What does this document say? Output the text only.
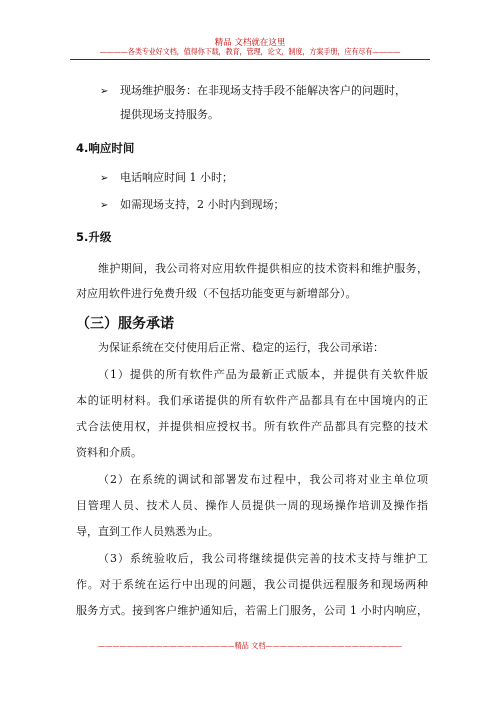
精品 文档就在这里
————各类专业好文档，值得你下载，教育，管理，论文，制度，方案手册，应有尽有————
➢ 现场维护服务：在非现场支持手段不能解决客户的问题时，
提供现场支持服务。
4.响应时间
➢ 电话响应时间 1 小时；
➢ 如需现场支持，2 小时内到现场；
5.升级
维护期间，我公司将对应用软件提供相应的技术资料和维护服务，
对应用软件进行免费升级（不包括功能变更与新增部分）。
（三）服务承诺
为保证系统在交付使用后正常、稳定的运行，我公司承诺：
（1）提供的所有软件产品为最新正式版本，并提供有关软件版
本的证明材料。我们承诺提供的所有软件产品都具有在中国境内的正
式合法使用权，并提供相应授权书。所有软件产品都具有完整的技术
资料和介质。
（2）在系统的调试和部署发布过程中，我公司将对业主单位项
目管理人员、技术人员、操作人员提供一周的现场操作培训及操作指
导，直到工作人员熟悉为止。
（3）系统验收后，我公司将继续提供完善的技术支持与维护工
作。对于系统在运行中出现的问题，我公司提供远程服务和现场两种
服务方式。接到客户维护通知后，若需上门服务，公司 1 小时内响应，
———————————————————精品 文档———————————————————
